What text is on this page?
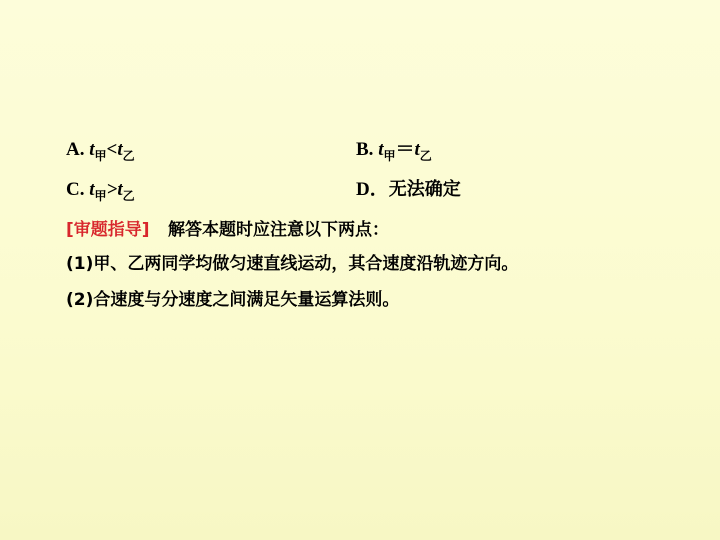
A. $t_甲<t_乙$	B. $t_甲=t_乙$
C. $t_甲>t_乙$	D．无法确定
[审题指导] 解答本题时应注意以下两点：
(1)甲、乙两同学均做匀速直线运动，其合速度沿轨迹方向。
(2)合速度与分速度之间满足矢量运算法则。
